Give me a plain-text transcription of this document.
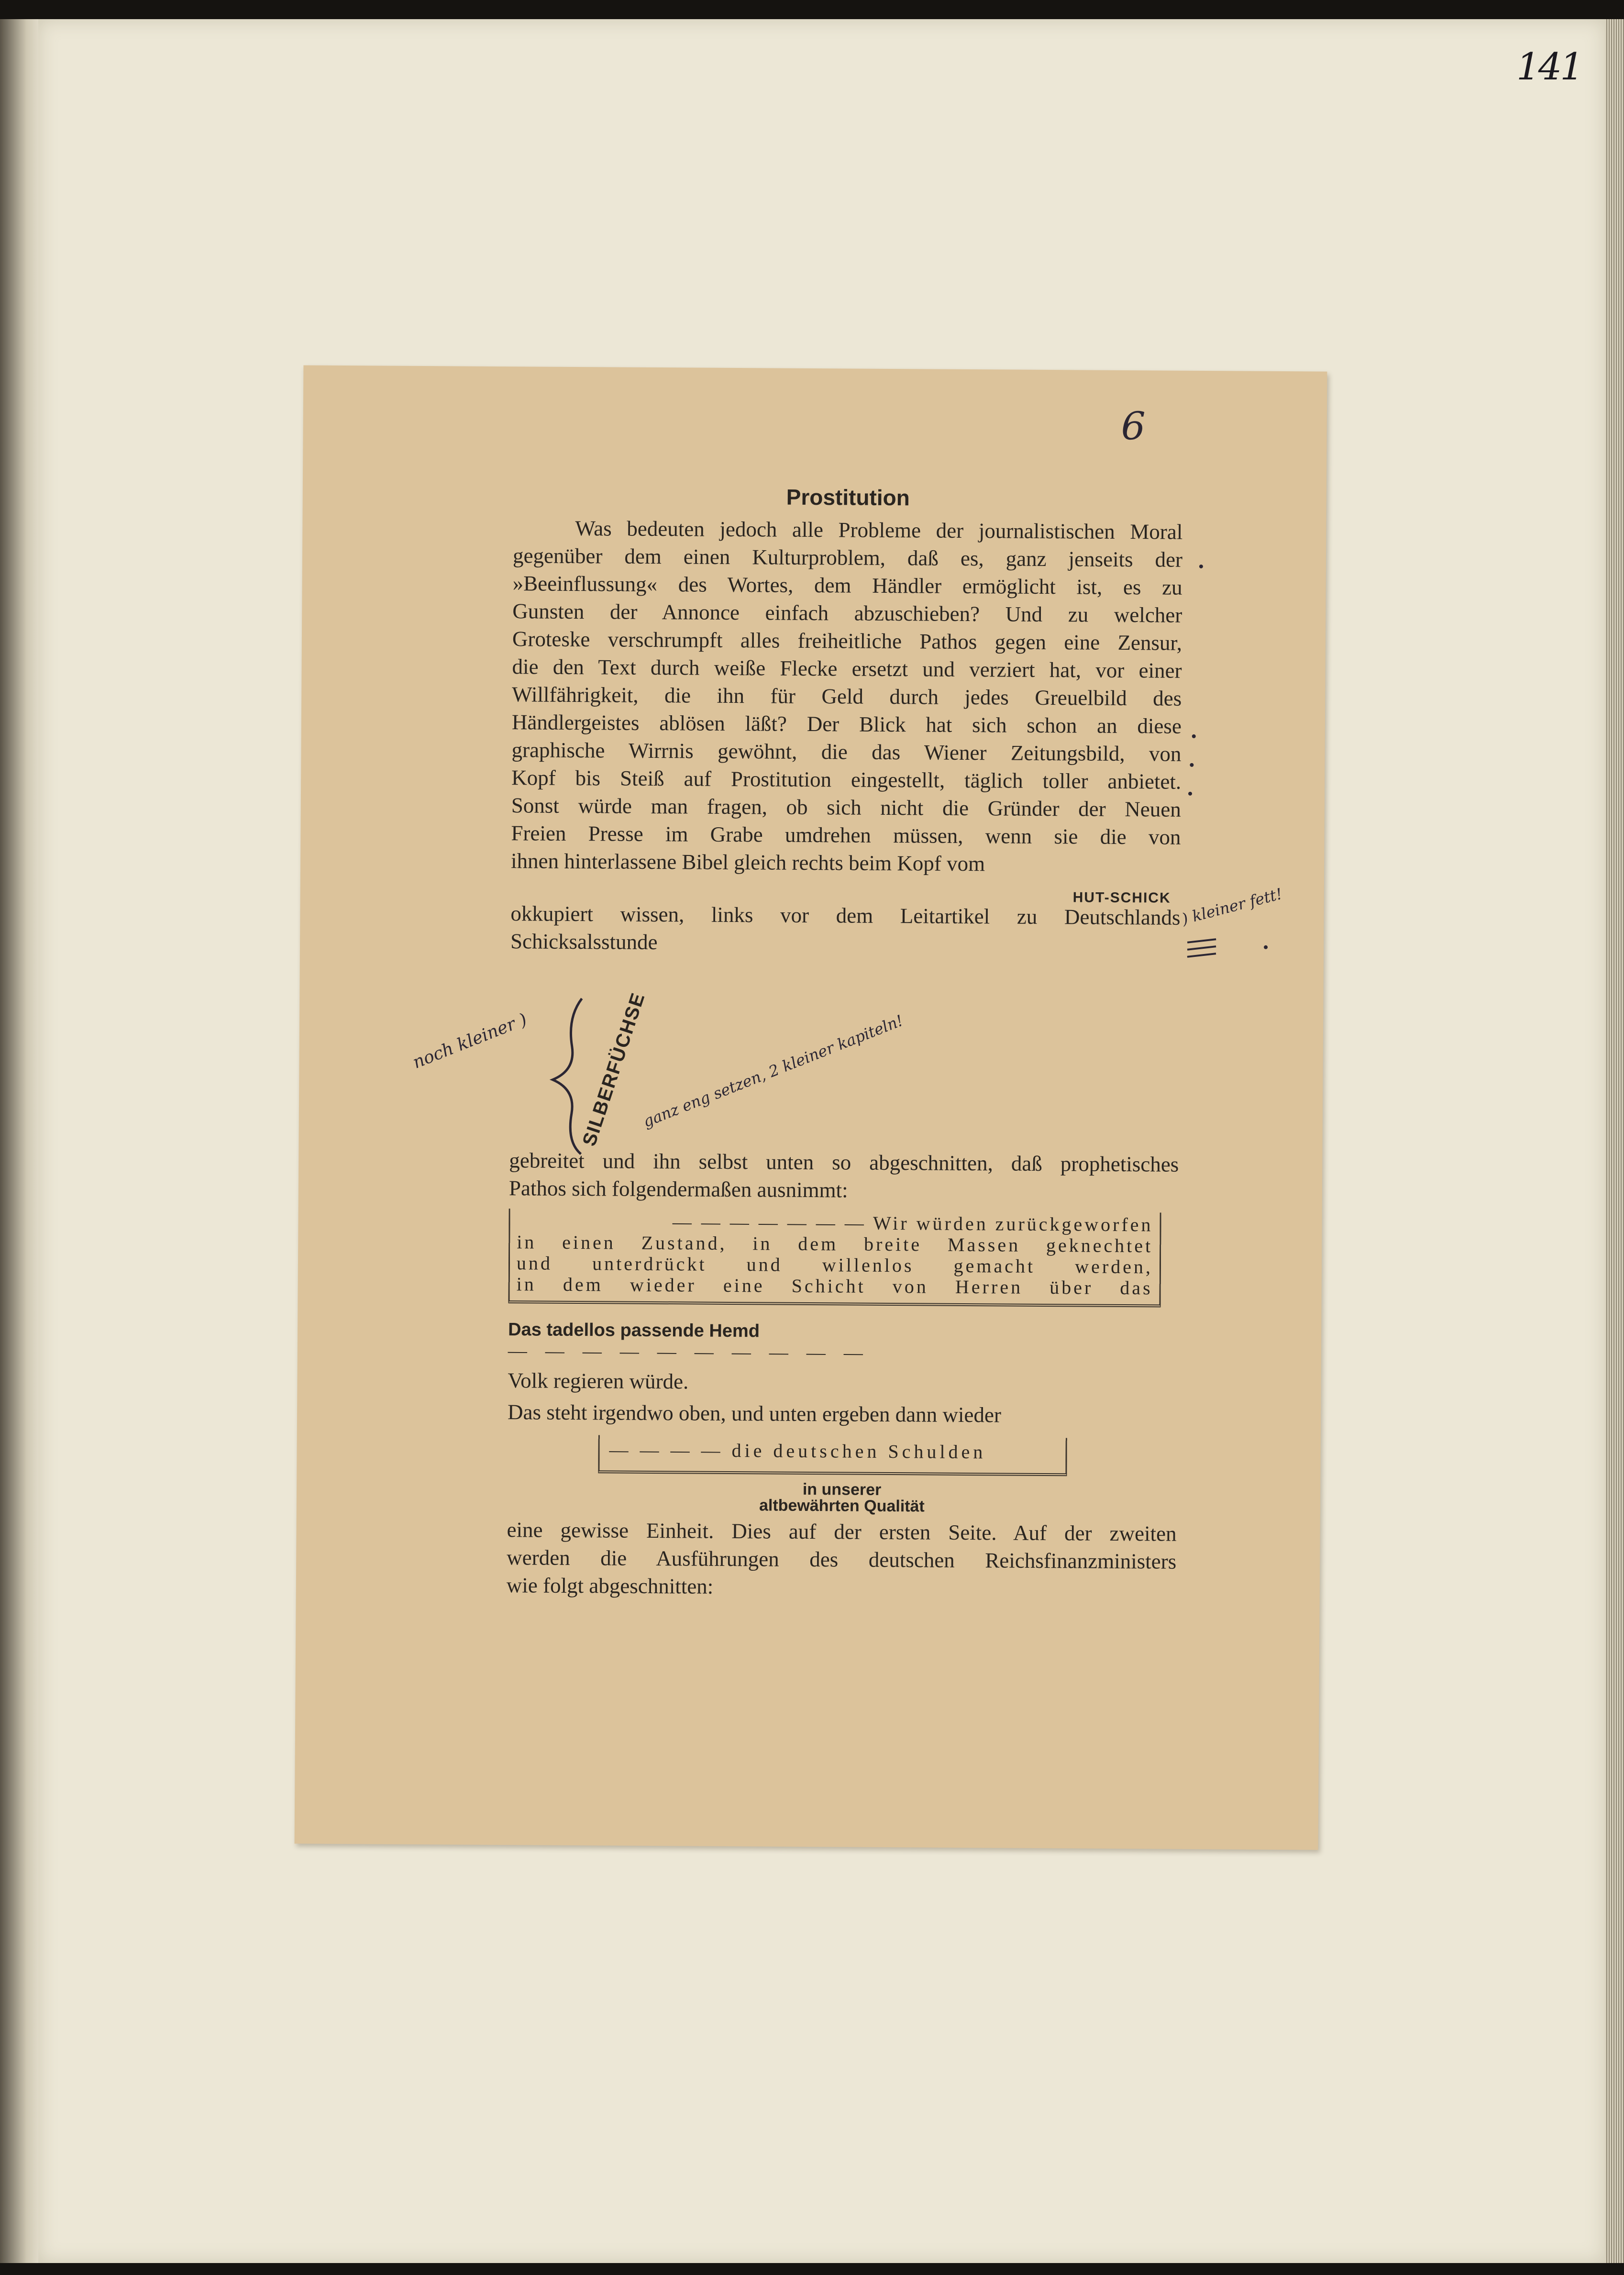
141
6
Prostitution
Was bedeuten jedoch alle Probleme der journalistischen Moral
gegenüber dem einen Kulturproblem, daß es, ganz jenseits der
»Beeinflussung« des Wortes, dem Händler ermöglicht ist, es zu
Gunsten der Annonce einfach abzuschieben? Und zu welcher
Groteske verschrumpft alles freiheitliche Pathos gegen eine Zensur,
die den Text durch weiße Flecke ersetzt und verziert hat, vor einer
Willfährigkeit, die ihn für Geld durch jedes Greuelbild des
Händlergeistes ablösen läßt? Der Blick hat sich schon an diese
graphische Wirrnis gewöhnt, die das Wiener Zeitungsbild, von
Kopf bis Steiß auf Prostitution eingestellt, täglich toller anbietet.
Sonst würde man fragen, ob sich nicht die Gründer der Neuen
Freien Presse im Grabe umdrehen müssen, wenn sie die von
ihnen hinterlassene Bibel gleich rechts beim Kopf vom
HUT-SCHICK
okkupiert wissen, links vor dem Leitartikel zu Deutschlands
Schicksalsstunde
gebreitet und ihn selbst unten so abgeschnitten, daß prophetisches
Pathos sich folgendermaßen ausnimmt:
— — — — — — — Wir würden zurückgeworfen
in einen Zustand, in dem breite Massen geknechtet
und unterdrückt und willenlos gemacht werden,
in dem wieder eine Schicht von Herren über das
Das tadellos passende Hemd
— — — — — — — — — —
Volk regieren würde.
Das steht irgendwo oben, und unten ergeben dann wieder
— — — — die deutschen Schulden
in unserer
altbewährten Qualität
eine gewisse Einheit. Dies auf der ersten Seite. Auf der zweiten
werden die Ausführungen des deutschen Reichsfinanzministers
wie folgt abgeschnitten:
SILBERFÜCHSE
noch kleiner )	ganz eng setzen, 2 kleiner kapiteln!
) kleiner fett!
